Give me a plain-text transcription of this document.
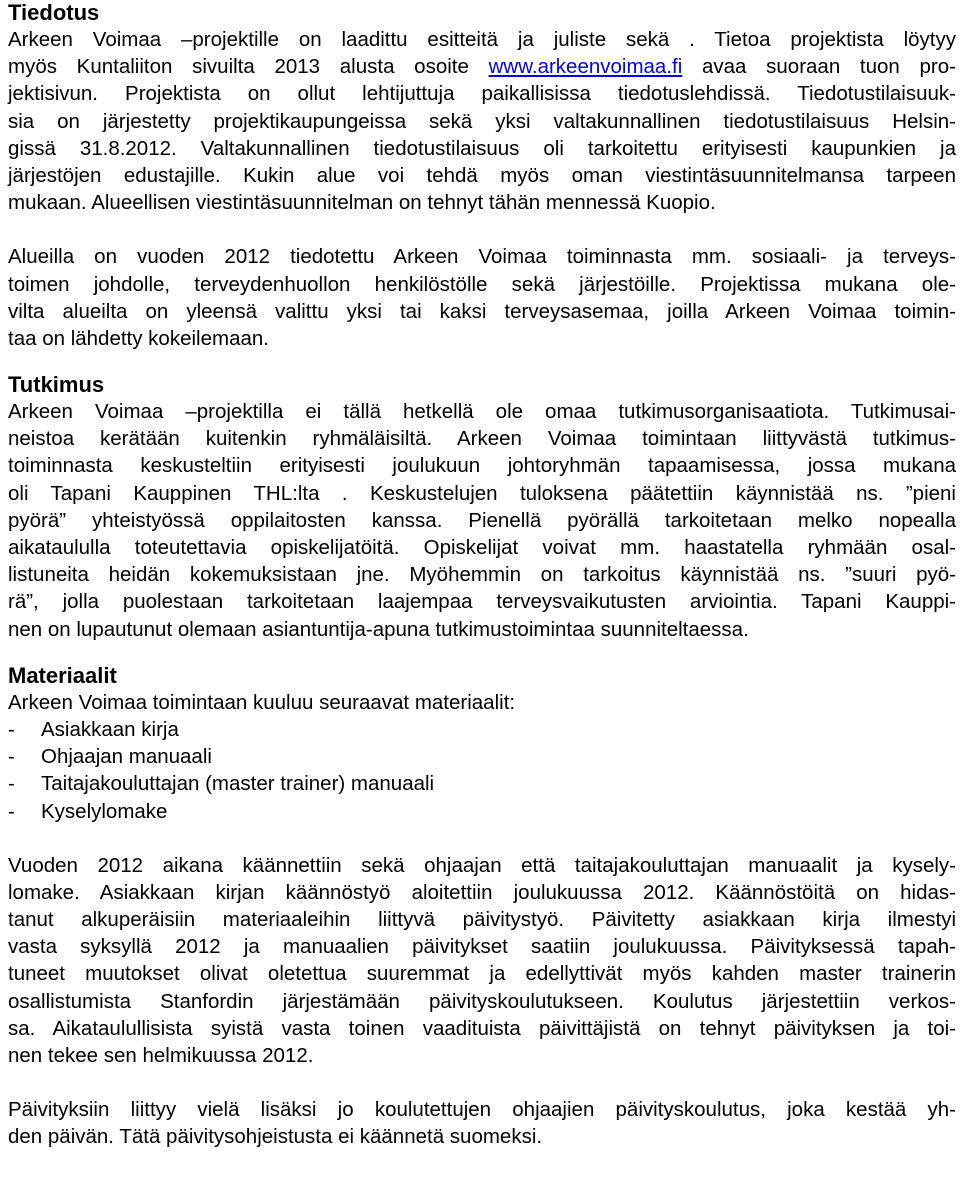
Tiedotus
Arkeen Voimaa –projektille on laadittu esitteitä ja juliste sekä . Tietoa projektista löytyy
myös Kuntaliiton sivuilta 2013 alusta osoite www.arkeenvoimaa.fi avaa suoraan tuon pro-
jektisivun. Projektista on ollut lehtijuttuja paikallisissa tiedotuslehdissä. Tiedotustilaisuuk-
sia on järjestetty projektikaupungeissa sekä yksi valtakunnallinen tiedotustilaisuus Helsin-
gissä 31.8.2012. Valtakunnallinen tiedotustilaisuus oli tarkoitettu erityisesti kaupunkien ja
järjestöjen edustajille. Kukin alue voi tehdä myös oman viestintäsuunnitelmansa tarpeen
mukaan. Alueellisen viestintäsuunnitelman on tehnyt tähän mennessä Kuopio.
Alueilla on vuoden 2012 tiedotettu Arkeen Voimaa toiminnasta mm. sosiaali- ja terveys-
toimen johdolle, terveydenhuollon henkilöstölle sekä järjestöille. Projektissa mukana ole-
vilta alueilta on yleensä valittu yksi tai kaksi terveysasemaa, joilla Arkeen Voimaa toimin-
taa on lähdetty kokeilemaan.
Tutkimus
Arkeen Voimaa –projektilla ei tällä hetkellä ole omaa tutkimusorganisaatiota. Tutkimusai-
neistoa kerätään kuitenkin ryhmäläisiltä. Arkeen Voimaa toimintaan liittyvästä tutkimus-
toiminnasta keskusteltiin erityisesti joulukuun johtoryhmän tapaamisessa, jossa mukana
oli Tapani Kauppinen THL:lta . Keskustelujen tuloksena päätettiin käynnistää ns. ”pieni
pyörä” yhteistyössä oppilaitosten kanssa. Pienellä pyörällä tarkoitetaan melko nopealla
aikataululla toteutettavia opiskelijatöitä. Opiskelijat voivat mm. haastatella ryhmään osal-
listuneita heidän kokemuksistaan jne. Myöhemmin on tarkoitus käynnistää ns. ”suuri pyö-
rä”, jolla puolestaan tarkoitetaan laajempaa terveysvaikutusten arviointia. Tapani Kauppi-
nen on lupautunut olemaan asiantuntija-apuna tutkimustoimintaa suunniteltaessa.
Materiaalit
Arkeen Voimaa toimintaan kuuluu seuraavat materiaalit:
-	Asiakkaan kirja
-	Ohjaajan manuaali
-	Taitajakouluttajan (master trainer) manuaali
-	Kyselylomake
Vuoden 2012 aikana käännettiin sekä ohjaajan että taitajakouluttajan manuaalit ja kysely-
lomake. Asiakkaan kirjan käännöstyö aloitettiin joulukuussa 2012. Käännöstöitä on hidas-
tanut alkuperäisiin materiaaleihin liittyvä päivitystyö. Päivitetty asiakkaan kirja ilmestyi
vasta syksyllä 2012 ja manuaalien päivitykset saatiin joulukuussa. Päivityksessä tapah-
tuneet muutokset olivat oletettua suuremmat ja edellyttivät myös kahden master trainerin
osallistumista Stanfordin järjestämään päivityskoulutukseen. Koulutus järjestettiin verkos-
sa. Aikataulullisista syistä vasta toinen vaadituista päivittäjistä on tehnyt päivityksen ja toi-
nen tekee sen helmikuussa 2012.
Päivityksiin liittyy vielä lisäksi jo koulutettujen ohjaajien päivityskoulutus, joka kestää yh-
den päivän. Tätä päivitysohjeistusta ei käännetä suomeksi.
